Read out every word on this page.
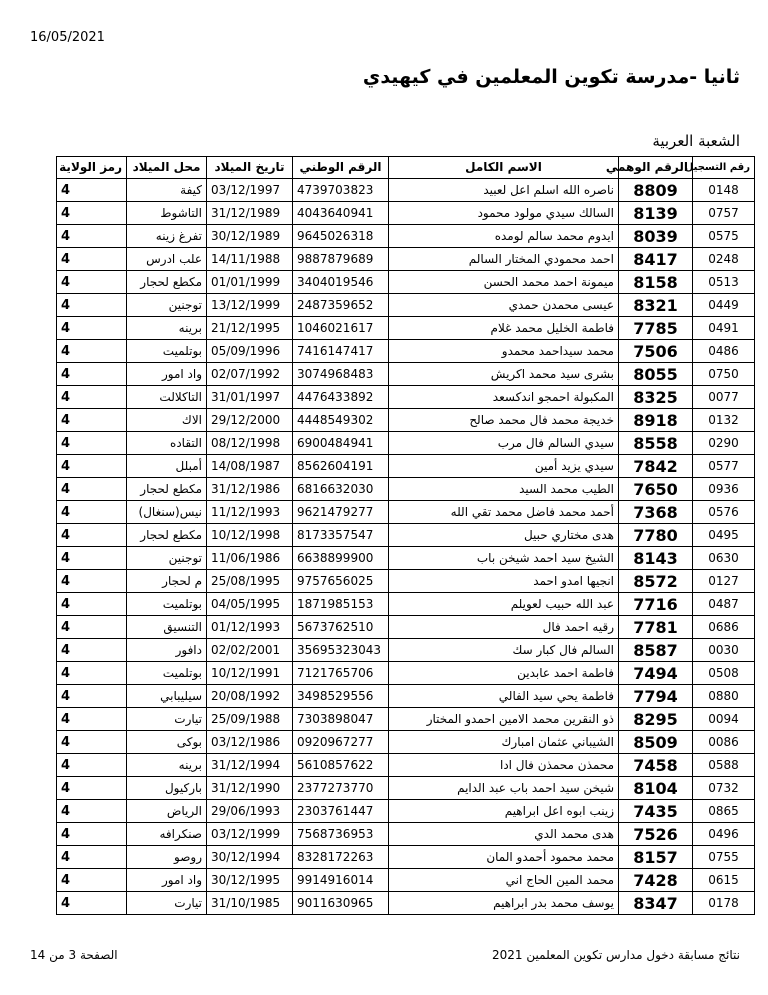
16/05/2021
ثانيا -مدرسة تكوين المعلمين في كيهيدي
الشعبة العربية
رقم التسجيل	الرقم الوهمي	الاسم الكامل	الرقم الوطني	تاريخ الميلاد	محل الميلاد	رمز الولاية
0148	8809	ناصره الله اسلم اعل لعبيد	4739703823	03/12/1997	كيفة	4
0757	8139	السالك سيدي مولود محمود	4043640941	31/12/1989	التاشوط	4
0575	8039	ايدوم محمد سالم لومده	9645026318	30/12/1989	تفرغ زينه	4
0248	8417	احمد محمودي المختار السالم	9887879689	14/11/1988	علب ادرس	4
0513	8158	ميمونة احمد محمد الحسن	3404019546	01/01/1999	مكطع لحجار	4
0449	8321	عيسى محمدن حمدي	2487359652	13/12/1999	توجنين	4
0491	7785	فاطمة الخليل محمد غلام	1046021617	21/12/1995	برينه	4
0486	7506	محمد سيداحمد محمدو	7416147417	05/09/1996	بوتلميت	4
0750	8055	بشرى سيد محمد اكريش	3074968483	02/07/1992	واد امور	4
0077	8325	المكبولة احمجو اندكسعد	4476433892	31/01/1997	التاكلالت	4
0132	8918	خديجة محمد فال محمد صالح	4448549302	29/12/2000	الاك	4
0290	8558	سيدي السالم فال مرب	6900484941	08/12/1998	التقاده	4
0577	7842	سيدي يزيد أمين	8562604191	14/08/1987	أمبلل	4
0936	7650	الطيب محمد السيد	6816632030	31/12/1986	مكطع لحجار	4
0576	7368	أحمد محمد فاضل محمد تقي الله	9621479277	11/12/1993	نيس(سنغال)	4
0495	7780	هدى مختاري حبيل	8173357547	10/12/1998	مكطع لحجار	4
0630	8143	الشيخ سيد احمد شيخن باب	6638899900	11/06/1986	توجنين	4
0127	8572	انجيها امدو احمد	9757656025	25/08/1995	م لحجار	4
0487	7716	عبد الله حبيب لعويلم	1871985153	04/05/1995	بوتلميت	4
0686	7781	رقيه احمد فال	5673762510	01/12/1993	التنسيق	4
0030	8587	السالم فال كبار سك	35695323043	02/02/2001	دافور	4
0508	7494	فاطمة احمد عابدين	7121765706	10/12/1991	بوتلميت	4
0880	7794	فاطمة يحي سيد الفالي	3498529556	20/08/1992	سيليبابي	4
0094	8295	ذو النقرين محمد الامين احمدو المختار	7303898047	25/09/1988	تيارت	4
0086	8509	الشيباني عثمان امبارك	0920967277	03/12/1986	بوكى	4
0588	7458	محمذن محمذن فال ادا	5610857622	31/12/1994	برينه	4
0732	8104	شيخن سيد احمد باب عبد الدايم	2377273770	31/12/1990	باركيول	4
0865	7435	زينب ابوه اعل ابراهيم	2303761447	29/06/1993	الرياض	4
0496	7526	هدى محمد الدي	7568736953	03/12/1999	صنكرافه	4
0755	8157	محمد محمود أحمدو المان	8328172263	30/12/1994	روصو	4
0615	7428	محمد المين الحاج اني	9914916014	30/12/1995	واد امور	4
0178	8347	يوسف محمد بدر ابراهيم	9011630965	31/10/1985	تيارت	4
الصفحة 3 من 14	نتائج مسابقة دخول مدارس تكوين المعلمين 2021
